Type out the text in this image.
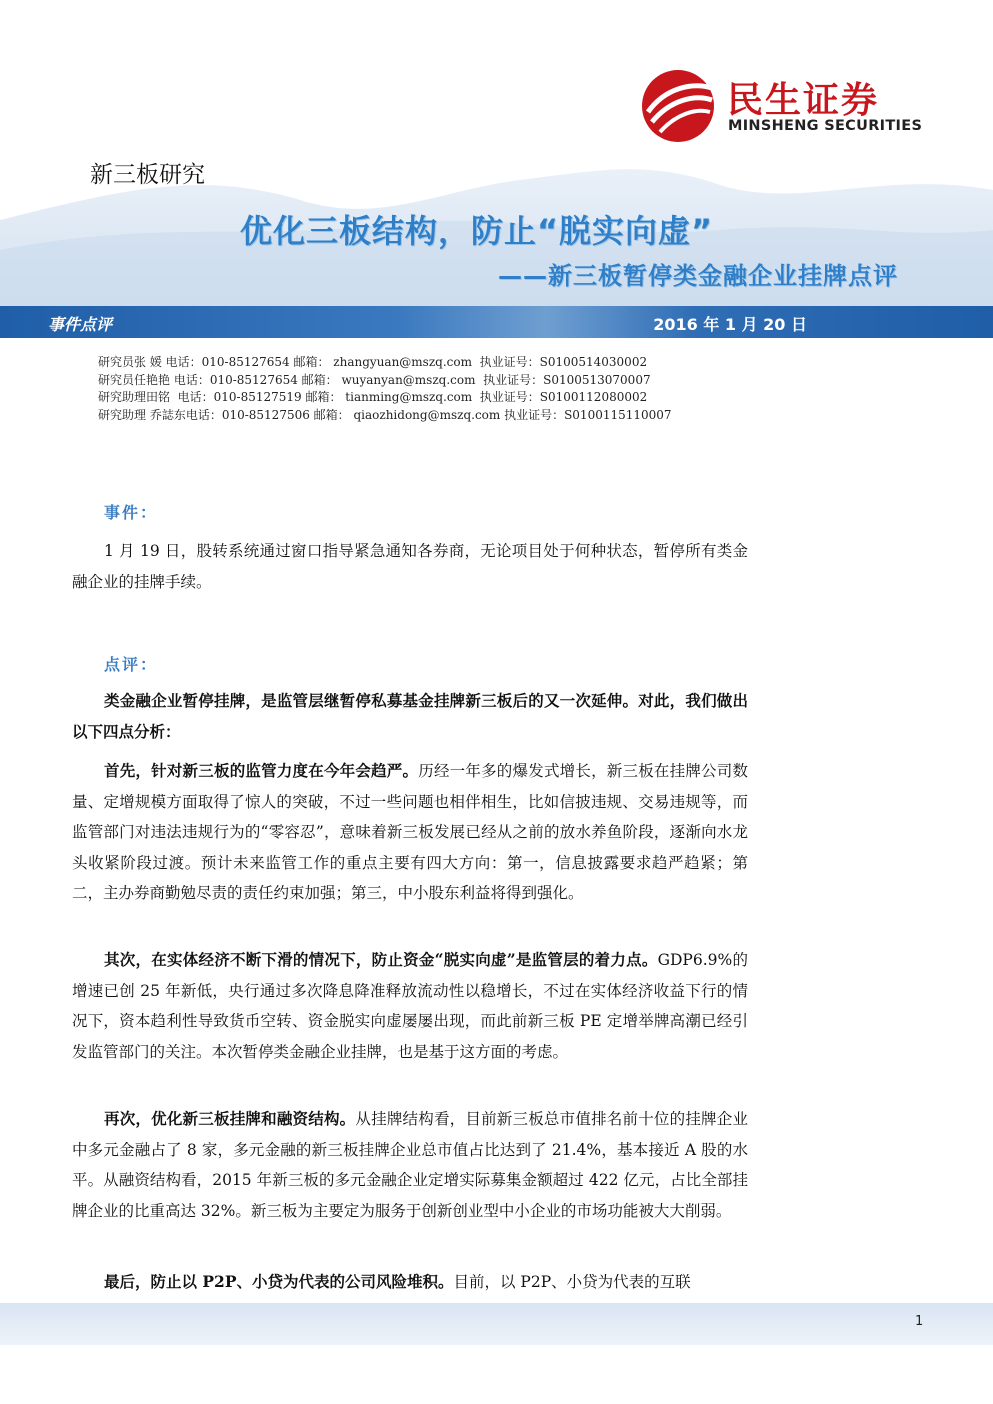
民生证券
MINSHENG SECURITIES
新三板研究
优化三板结构，防止“脱实向虚”
——新三板暂停类金融企业挂牌点评
事件点评	2016 年 1 月 20 日
研究员张 媛 电话：010-85127654 邮箱： zhangyuan@mszq.com  执业证号：S0100514030002
研究员任艳艳 电话：010-85127654 邮箱： wuyanyan@mszq.com  执业证号：S0100513070007
研究助理田铭  电话：010-85127519 邮箱： tianming@mszq.com  执业证号：S0100112080002
研究助理 乔誌东电话：010-85127506 邮箱： qiaozhidong@mszq.com 执业证号：S0100115110007
事件：

1 月 19 日，股转系统通过窗口指导紧急通知各券商，无论项目处于何种状态，暂停所有类金融企业的挂牌手续。

点评：

类金融企业暂停挂牌，是监管层继暂停私募基金挂牌新三板后的又一次延伸。对此，我们做出以下四点分析：

首先，针对新三板的监管力度在今年会趋严。历经一年多的爆发式增长，新三板在挂牌公司数量、定增规模方面取得了惊人的突破，不过一些问题也相伴相生，比如信披违规、交易违规等，而监管部门对违法违规行为的“零容忍”，意味着新三板发展已经从之前的放水养鱼阶段，逐渐向水龙头收紧阶段过渡。预计未来监管工作的重点主要有四大方向：第一，信息披露要求趋严趋紧；第二，主办券商勤勉尽责的责任约束加强；第三，中小股东利益将得到强化。

其次，在实体经济不断下滑的情况下，防止资金“脱实向虚”是监管层的着力点。GDP6.9%的增速已创 25 年新低，央行通过多次降息降准释放流动性以稳增长，不过在实体经济收益下行的情况下，资本趋利性导致货币空转、资金脱实向虚屡屡出现，而此前新三板 PE 定增举牌高潮已经引发监管部门的关注。本次暂停类金融企业挂牌，也是基于这方面的考虑。

再次，优化新三板挂牌和融资结构。从挂牌结构看，目前新三板总市值排名前十位的挂牌企业中多元金融占了 8 家，多元金融的新三板挂牌企业总市值占比达到了 21.4%，基本接近 A 股的水平。从融资结构看，2015 年新三板的多元金融企业定增实际募集金额超过 422 亿元，占比全部挂牌企业的比重高达 32%。新三板为主要定为服务于创新创业型中小企业的市场功能被大大削弱。

最后，防止以 P2P、小贷为代表的公司风险堆积。目前，以 P2P、小贷为代表的互联

1
